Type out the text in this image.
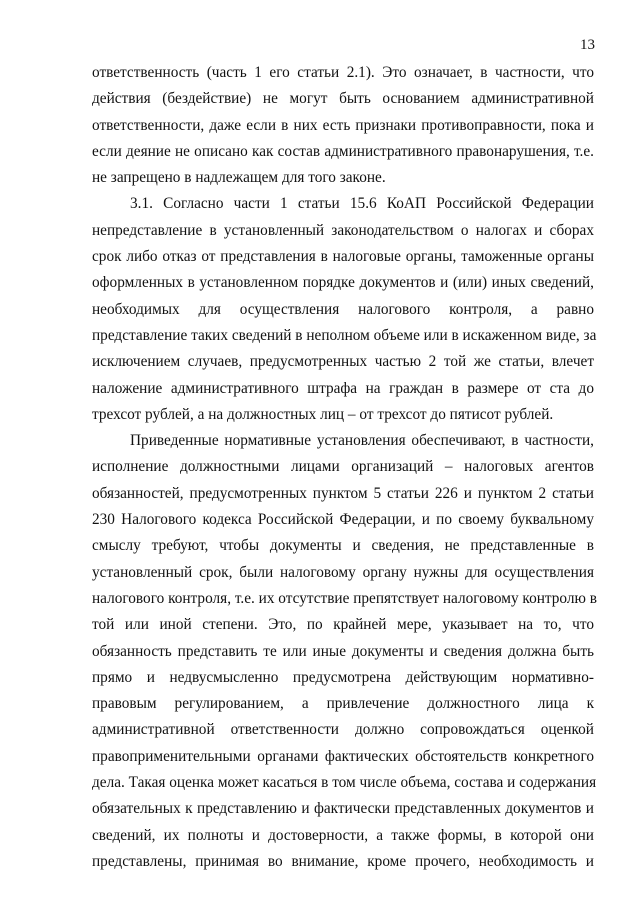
13
ответственность (часть 1 его статьи 2.1). Это означает, в частности, что
действия (бездействие) не могут быть основанием административной
ответственности, даже если в них есть признаки противоправности, пока и
если деяние не описано как состав административного правонарушения, т.е.
не запрещено в надлежащем для того законе.
3.1. Согласно части 1 статьи 15.6 КоАП Российской Федерации
непредставление в установленный законодательством о налогах и сборах
срок либо отказ от представления в налоговые органы, таможенные органы
оформленных в установленном порядке документов и (или) иных сведений,
необходимых для осуществления налогового контроля, а равно
представление таких сведений в неполном объеме или в искаженном виде, за
исключением случаев, предусмотренных частью 2 той же статьи, влечет
наложение административного штрафа на граждан в размере от ста до
трехсот рублей, а на должностных лиц – от трехсот до пятисот рублей.
Приведенные нормативные установления обеспечивают, в частности,
исполнение должностными лицами организаций – налоговых агентов
обязанностей, предусмотренных пунктом 5 статьи 226 и пунктом 2 статьи
230 Налогового кодекса Российской Федерации, и по своему буквальному
смыслу требуют, чтобы документы и сведения, не представленные в
установленный срок, были налоговому органу нужны для осуществления
налогового контроля, т.е. их отсутствие препятствует налоговому контролю в
той или иной степени. Это, по крайней мере, указывает на то, что
обязанность представить те или иные документы и сведения должна быть
прямо и недвусмысленно предусмотрена действующим нормативно-
правовым регулированием, а привлечение должностного лица к
административной ответственности должно сопровождаться оценкой
правоприменительными органами фактических обстоятельств конкретного
дела. Такая оценка может касаться в том числе объема, состава и содержания
обязательных к представлению и фактически представленных документов и
сведений, их полноты и достоверности, а также формы, в которой они
представлены, принимая во внимание, кроме прочего, необходимость и
